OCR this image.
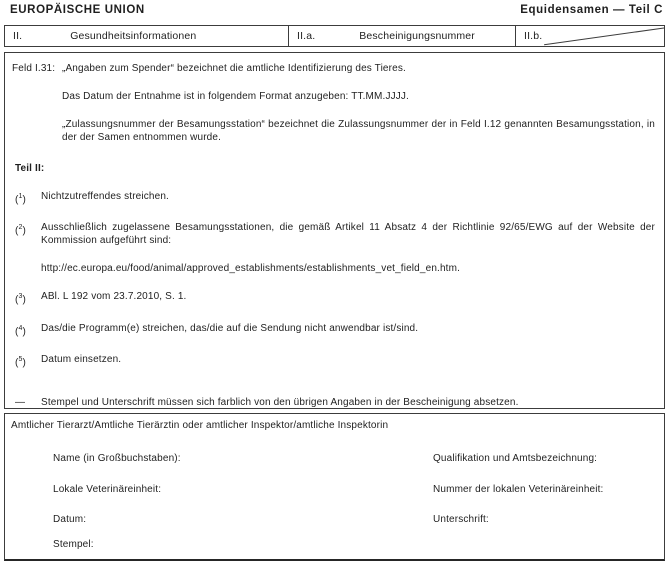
EUROPÄISCHE UNION	Equidensamen — Teil C
II.	Gesundheitsinformationen	II.a.	Bescheinigungsnummer	II.b.
Feld I.31: „Angaben zum Spender“ bezeichnet die amtliche Identifizierung des Tieres.

Das Datum der Entnahme ist in folgendem Format anzugeben: TT.MM.JJJJ.

„Zulassungsnummer der Besamungsstation“ bezeichnet die Zulassungsnummer der in Feld I.12 genannten Besamungsstation, in der der Samen entnommen wurde.

Teil II:
($^1$)	Nichtzutreffendes streichen.
($^2$)	Ausschließlich zugelassene Besamungsstationen, die gemäß Artikel 11 Absatz 4 der Richtlinie 92/65/EWG auf der Website der Kommission aufgeführt sind:
http://ec.europa.eu/food/animal/approved_establishments/establishments_vet_field_en.htm.
($^3$)	ABl. L 192 vom 23.7.2010, S. 1.
($^4$)	Das/die Programm(e) streichen, das/die auf die Sendung nicht anwendbar ist/sind.
($^5$)	Datum einsetzen.
—	Stempel und Unterschrift müssen sich farblich von den übrigen Angaben in der Bescheinigung absetzen.
Amtlicher Tierarzt/Amtliche Tierärztin oder amtlicher Inspektor/amtliche Inspektorin
Name (in Großbuchstaben):	Qualifikation und Amtsbezeichnung:
Lokale Veterinäreinheit:	Nummer der lokalen Veterinäreinheit:
Datum:	Unterschrift:
Stempel:
